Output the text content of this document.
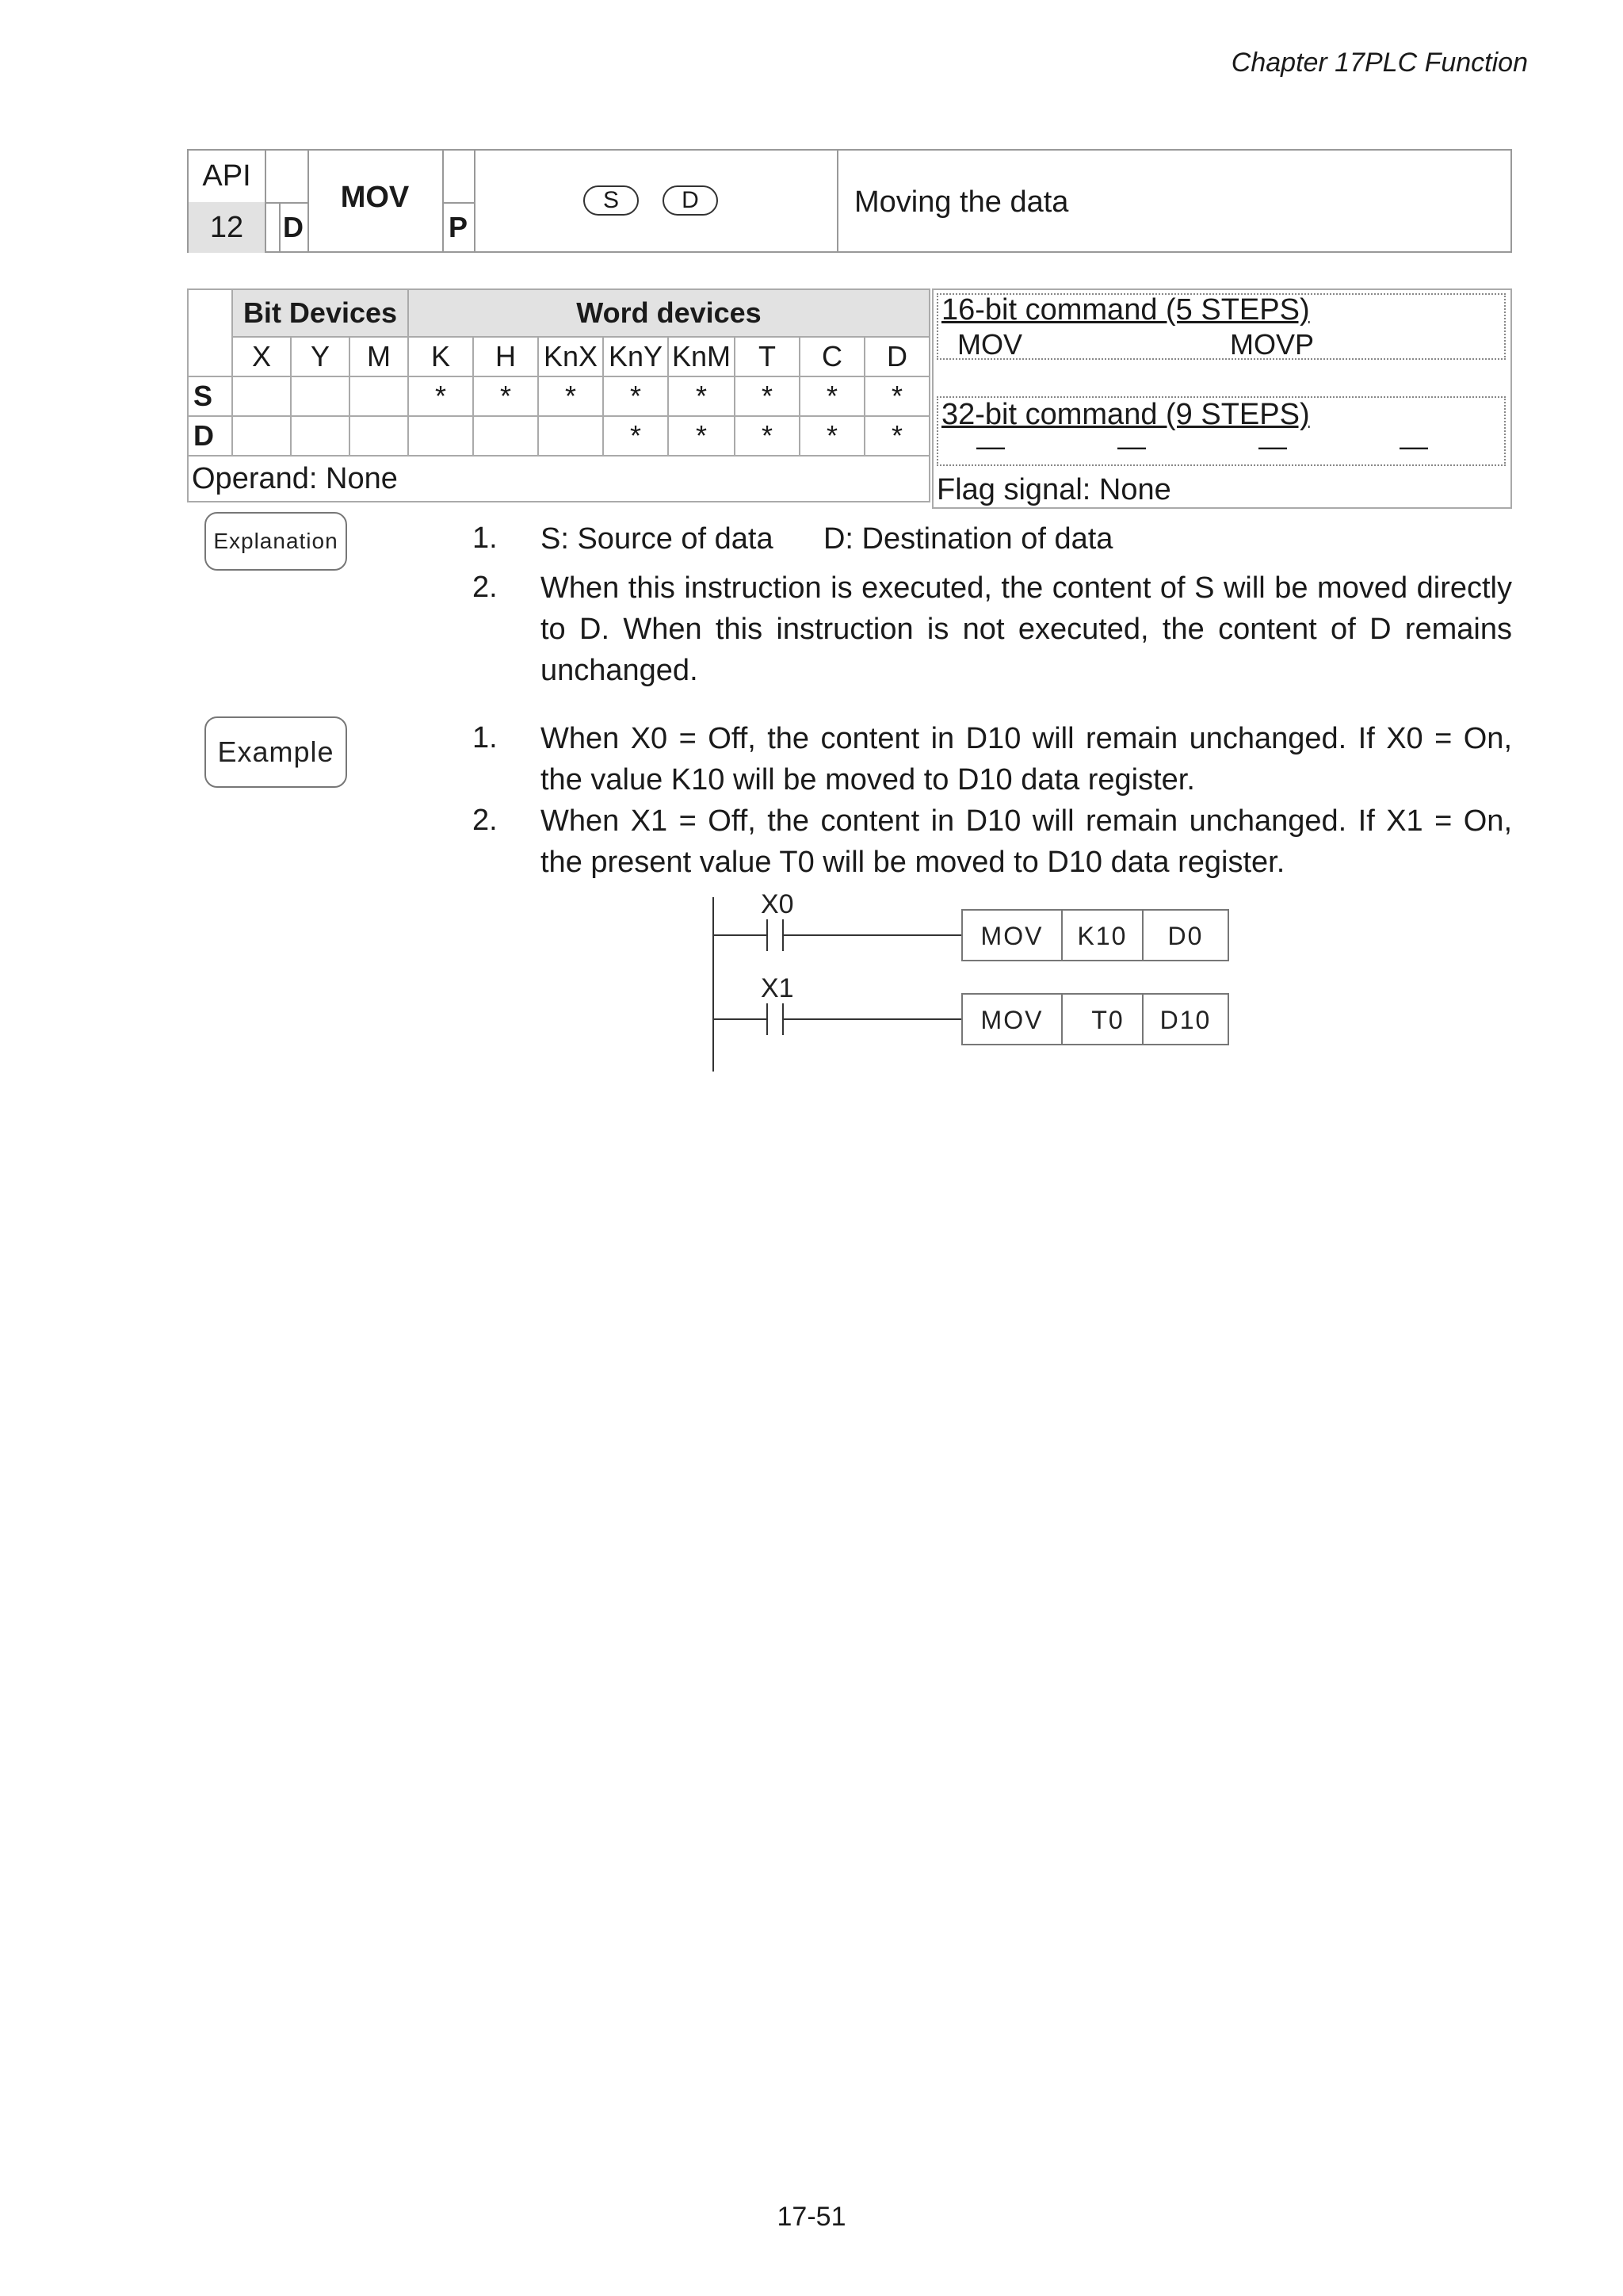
Chapter 17PLC Function
API
12	D
MOV
P
S	D	Moving the data
	Bit Devices			Word devices							
	X	Y	M	K	H	KnX	KnY	KnM	T	C	D
S				*	*	*	*	*	*	*	*
D							*	*	*	*	*
Operand: None											
16-bit command (5 STEPS)
MOV	MOVP
32-bit command (9 STEPS)
—	—	—	—
Flag signal: None
Explanation	1. S: Source of data      D: Destination of data
2. When this instruction is executed, the content of S will be moved directly to D. When this instruction is not executed, the content of D remains unchanged.
Example	1. When X0 = Off, the content in D10 will remain unchanged. If X0 = On, the value K10 will be moved to D10 data register.
2. When X1 = Off, the content in D10 will remain unchanged. If X1 = On, the present value T0 will be moved to D10 data register.
X0
MOV K10 D0
X1
MOV T0 D10
17-51
